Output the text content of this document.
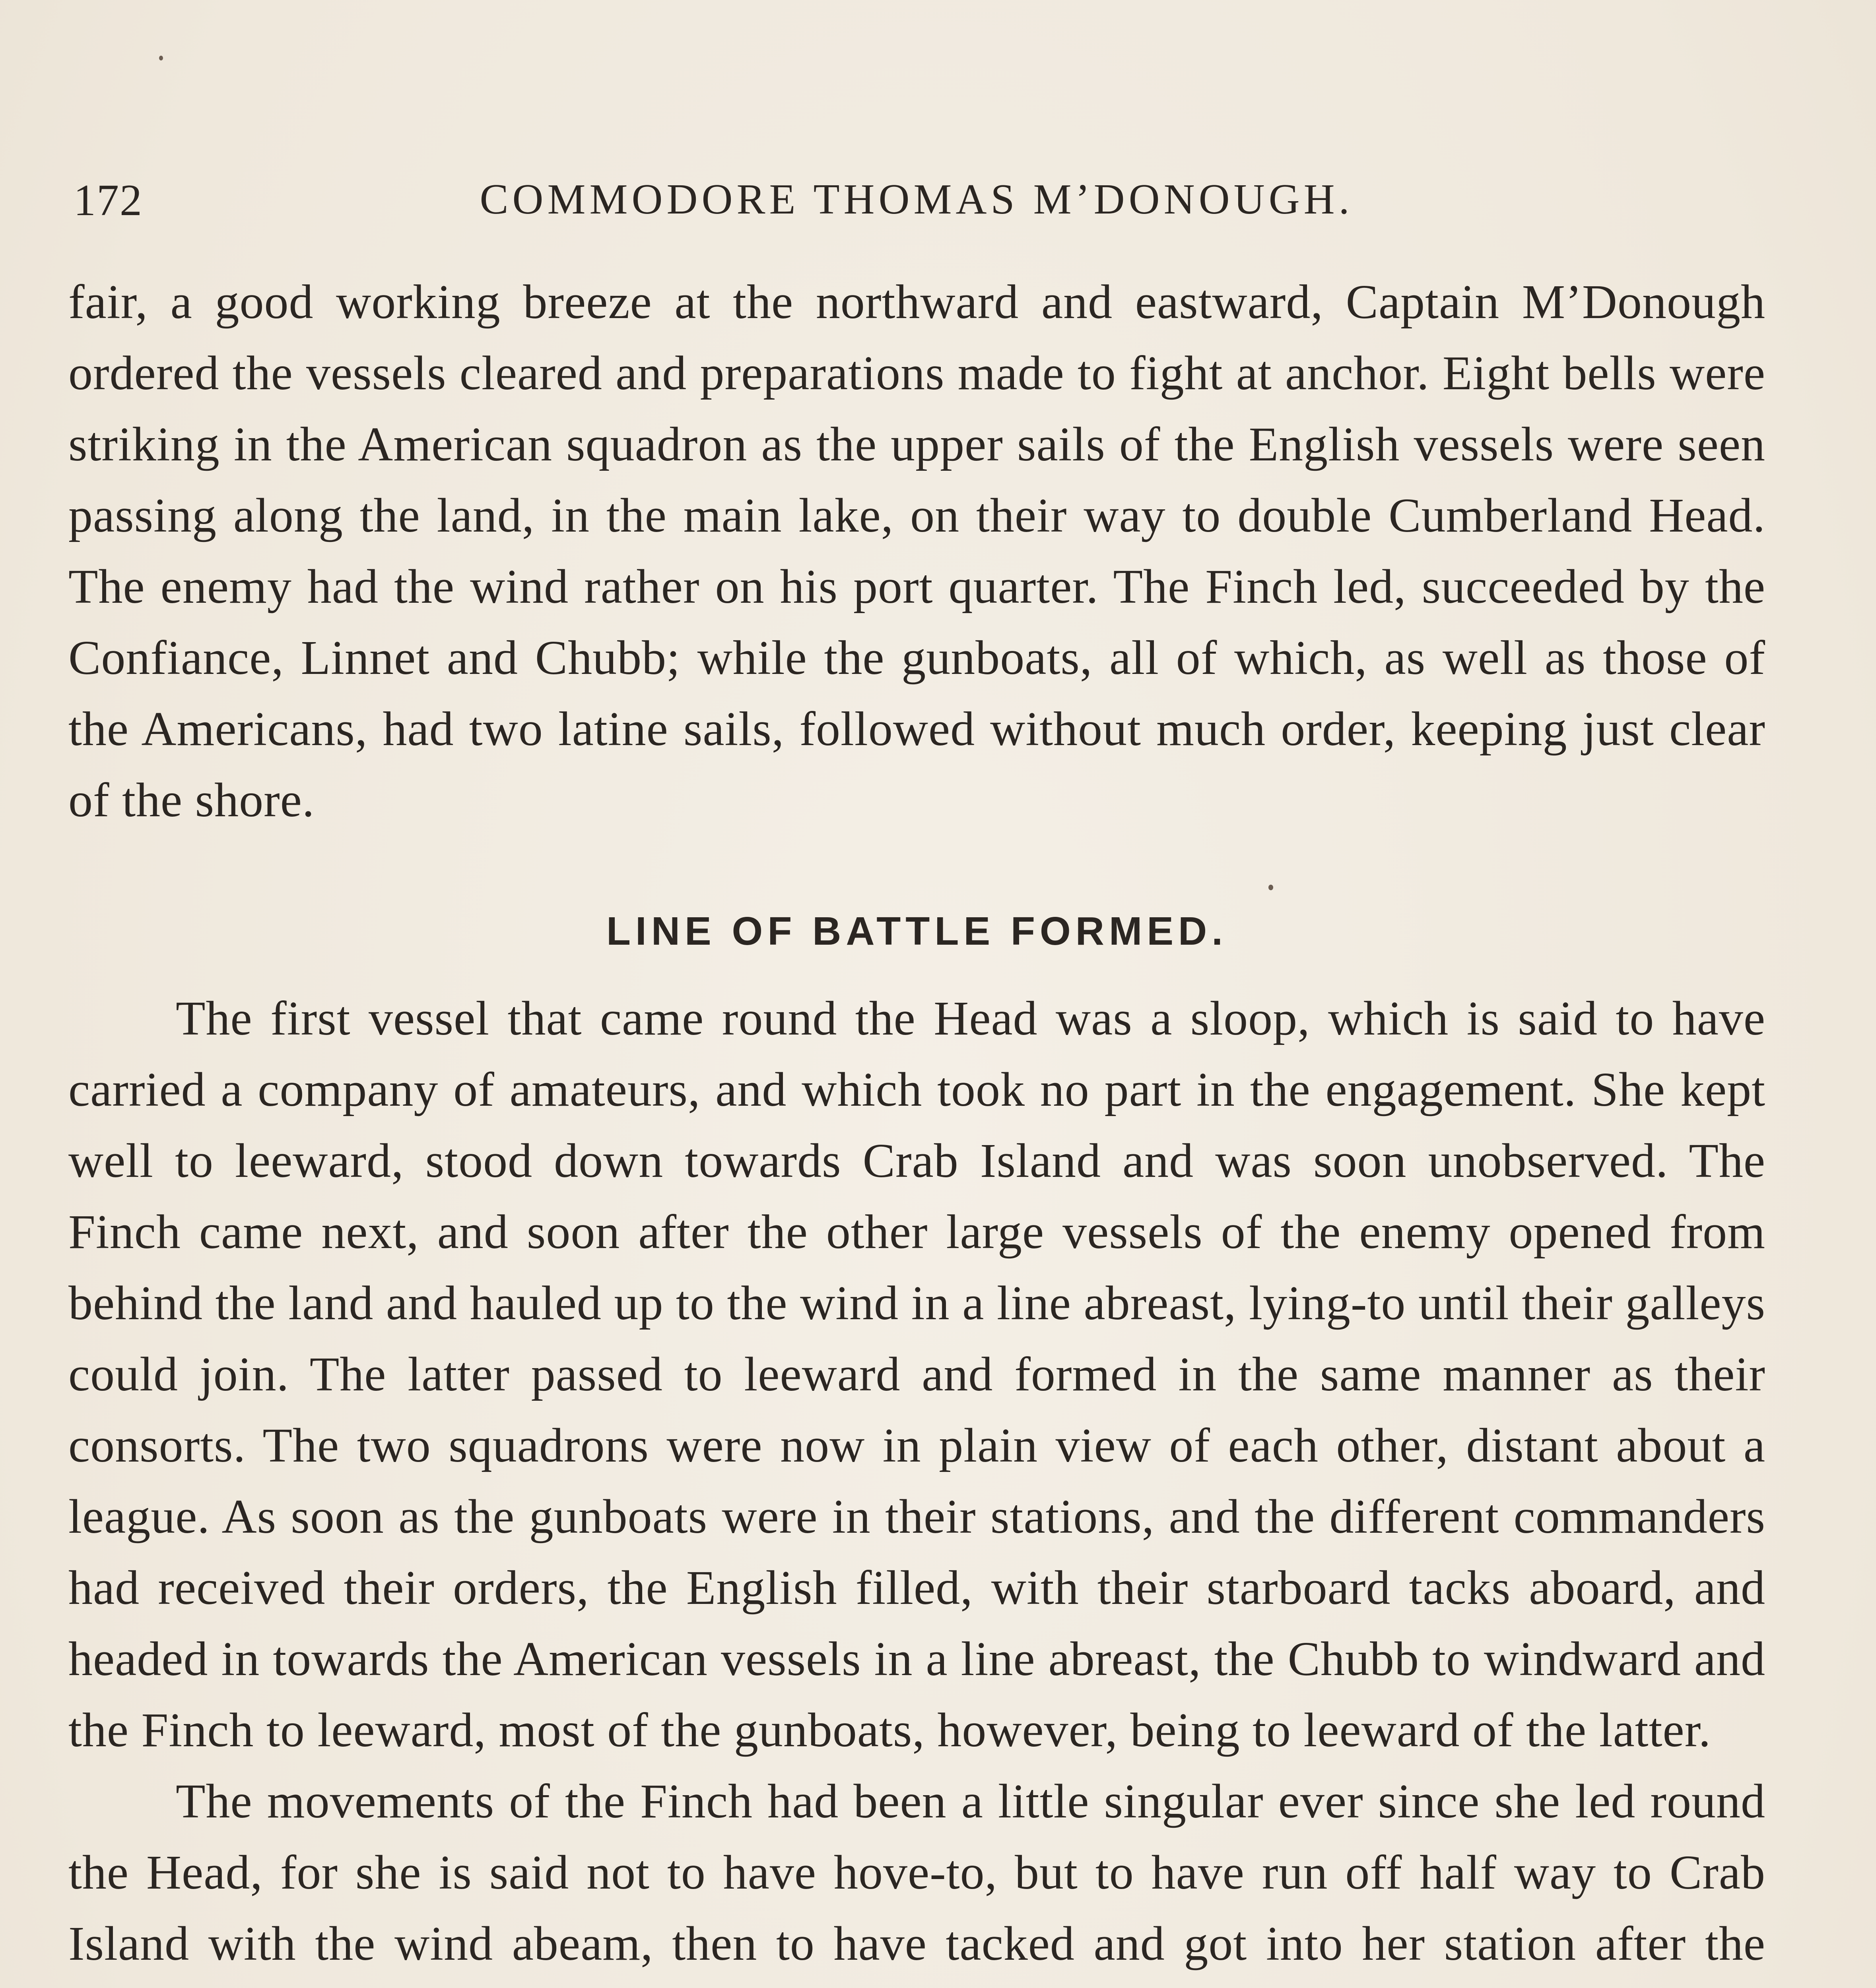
172	COMMODORE THOMAS M’DONOUGH.

fair, a good working breeze at the northward and eastward, Captain M’Donough ordered the vessels cleared and preparations made to fight at anchor. Eight bells were striking in the American squadron as the upper sails of the English vessels were seen passing along the land, in the main lake, on their way to double Cumberland Head. The enemy had the wind rather on his port quarter. The Finch led, succeeded by the Confiance, Linnet and Chubb; while the gunboats, all of which, as well as those of the Americans, had two latine sails, followed without much order, keeping just clear of the shore.

LINE OF BATTLE FORMED.

The first vessel that came round the Head was a sloop, which is said to have carried a company of amateurs, and which took no part in the engagement. She kept well to leeward, stood down towards Crab Island and was soon unobserved. The Finch came next, and soon after the other large vessels of the enemy opened from behind the land and hauled up to the wind in a line abreast, lying-to until their galleys could join. The latter passed to leeward and formed in the same manner as their consorts. The two squadrons were now in plain view of each other, distant about a league. As soon as the gunboats were in their stations, and the different commanders had received their orders, the English filled, with their starboard tacks aboard, and headed in towards the American vessels in a line abreast, the Chubb to windward and the Finch to leeward, most of the gunboats, however, being to leeward of the latter.

The movements of the Finch had been a little singular ever since she led round the Head, for she is said not to have hove-to, but to have run off half way to Crab Island with the wind abeam, then to have tacked and got into her station after the
